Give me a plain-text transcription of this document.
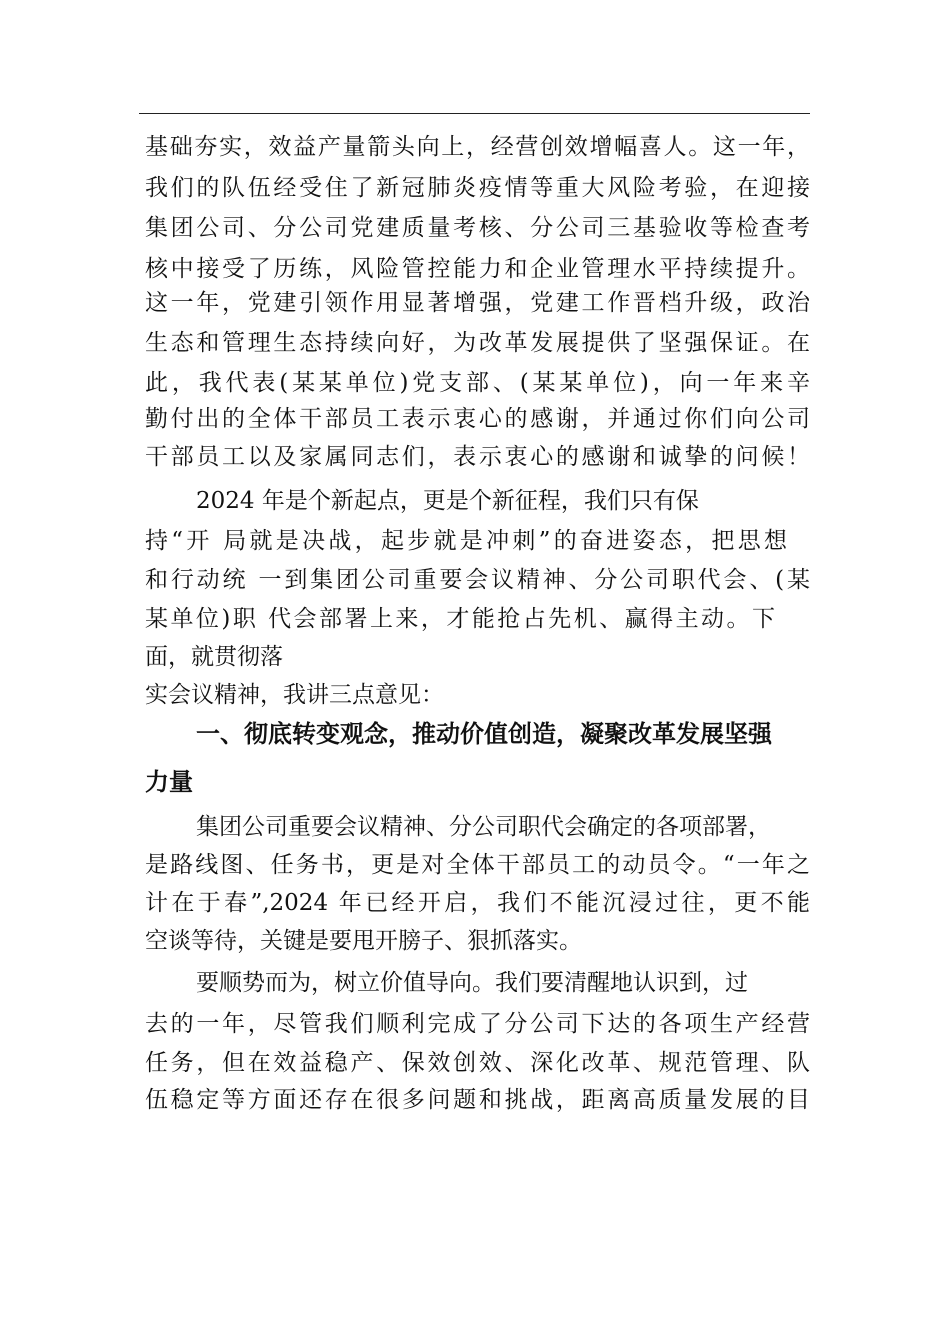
基础夯实，效益产量箭头向上，经营创效增幅喜人。这一年，
我们的队伍经受住了新冠肺炎疫情等重大风险考验，在迎接
集团公司、分公司党建质量考核、分公司三基验收等检查考
核中接受了历练，风险管控能力和企业管理水平持续提升。
这一年，党建引领作用显著增强，党建工作晋档升级，政治
生态和管理生态持续向好，为改革发展提供了坚强保证。在
此，我代表(某某单位)党支部、(某某单位)，向一年来辛
勤付出的全体干部员工表示衷心的感谢，并通过你们向公司
干部员工以及家属同志们，表示衷心的感谢和诚挚的问候！
2024 年是个新起点，更是个新征程，我们只有保
持“开 局就是决战，起步就是冲刺”的奋进姿态，把思想
和行动统 一到集团公司重要会议精神、分公司职代会、(某
某单位)职 代会部署上来，才能抢占先机、赢得主动。下
面，就贯彻落
实会议精神，我讲三点意见：
一、彻底转变观念，推动价值创造，凝聚改革发展坚强
力量
集团公司重要会议精神、分公司职代会确定的各项部署，
是路线图、任务书，更是对全体干部员工的动员令。“一年之
计在于春”,2024 年已经开启，我们不能沉浸过往，更不能
空谈等待，关键是要甩开膀子、狠抓落实。
要顺势而为，树立价值导向。我们要清醒地认识到，过
去的一年，尽管我们顺利完成了分公司下达的各项生产经营
任务，但在效益稳产、保效创效、深化改革、规范管理、队
伍稳定等方面还存在很多问题和挑战，距离高质量发展的目
